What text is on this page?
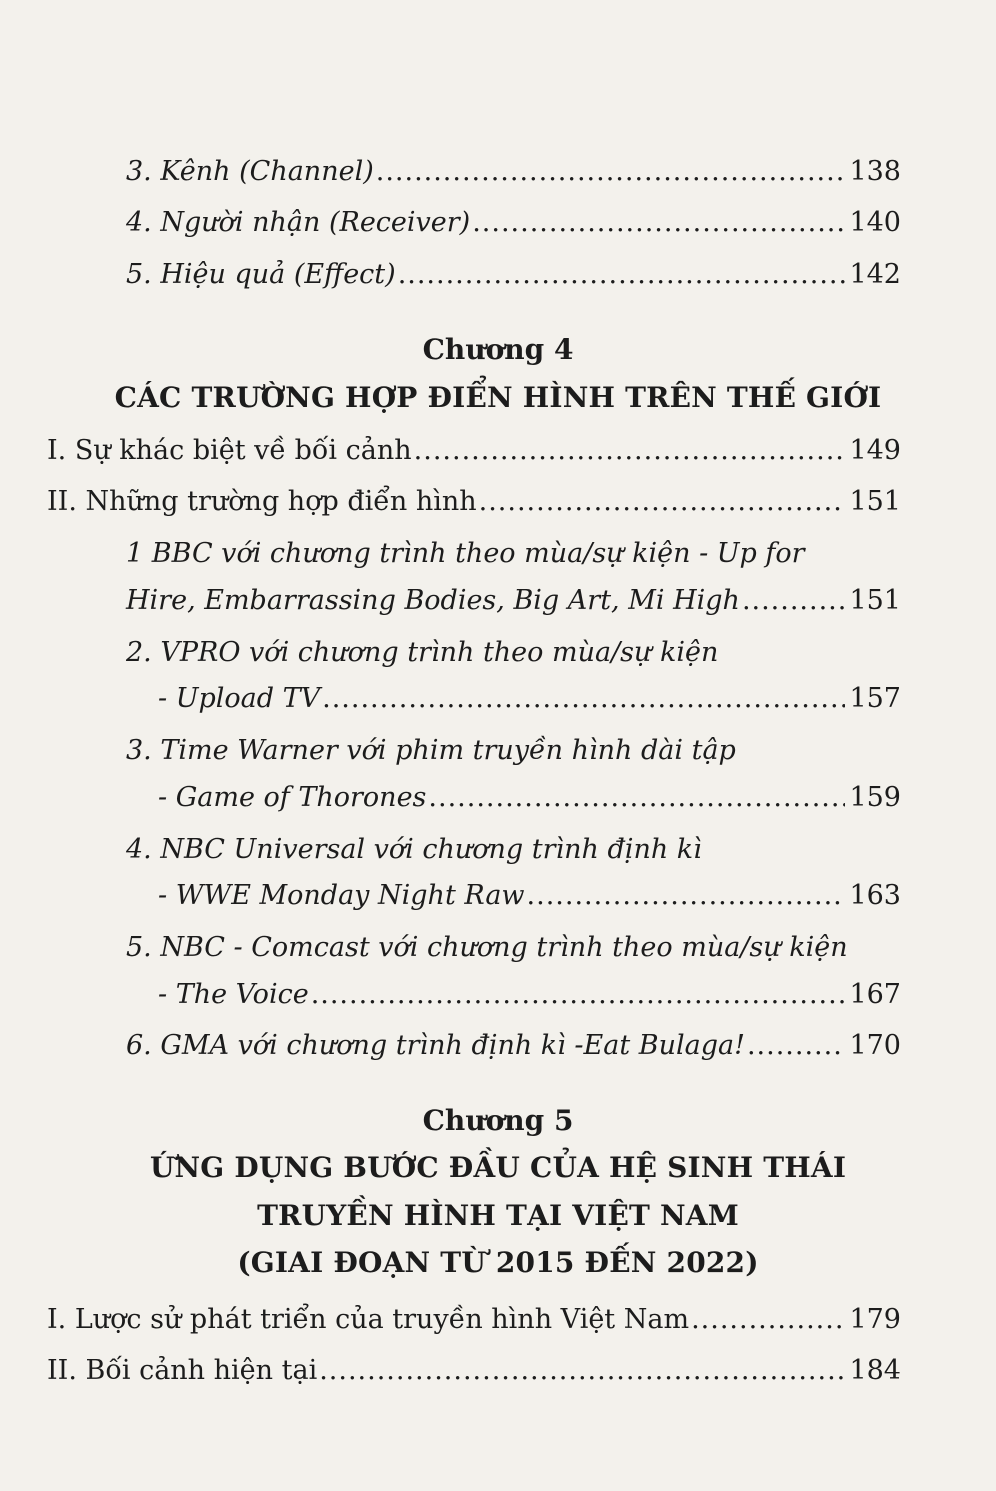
3. Kênh (Channel) .....	138
4. Người nhận (Receiver) .....	140
5. Hiệu quả (Effect) .....	142
Chương 4
CÁC TRƯỜNG HỢP ĐIỂN HÌNH TRÊN THẾ GIỚI
I. Sự khác biệt về bối cảnh .....	149
II. Những trường hợp điển hình .....	151
1 BBC với chương trình theo mùa/sự kiện - Up for
Hire, Embarrassing Bodies, Big Art, Mi High .....	151
2. VPRO với chương trình theo mùa/sự kiện
- Upload TV .....	157
3. Time Warner với phim truyền hình dài tập
- Game of Thorones .....	159
4. NBC Universal với chương trình định kì
- WWE Monday Night Raw .....	163
5. NBC - Comcast với chương trình theo mùa/sự kiện
- The Voice .....	167
6. GMA với chương trình định kì -Eat Bulaga! .....	170
Chương 5
ỨNG DỤNG BƯỚC ĐẦU CỦA HỆ SINH THÁI
TRUYỀN HÌNH TẠI VIỆT NAM
(GIAI ĐOẠN TỪ 2015 ĐẾN 2022)
I. Lược sử phát triển của truyền hình Việt Nam .....	179
II. Bối cảnh hiện tại .....	184
